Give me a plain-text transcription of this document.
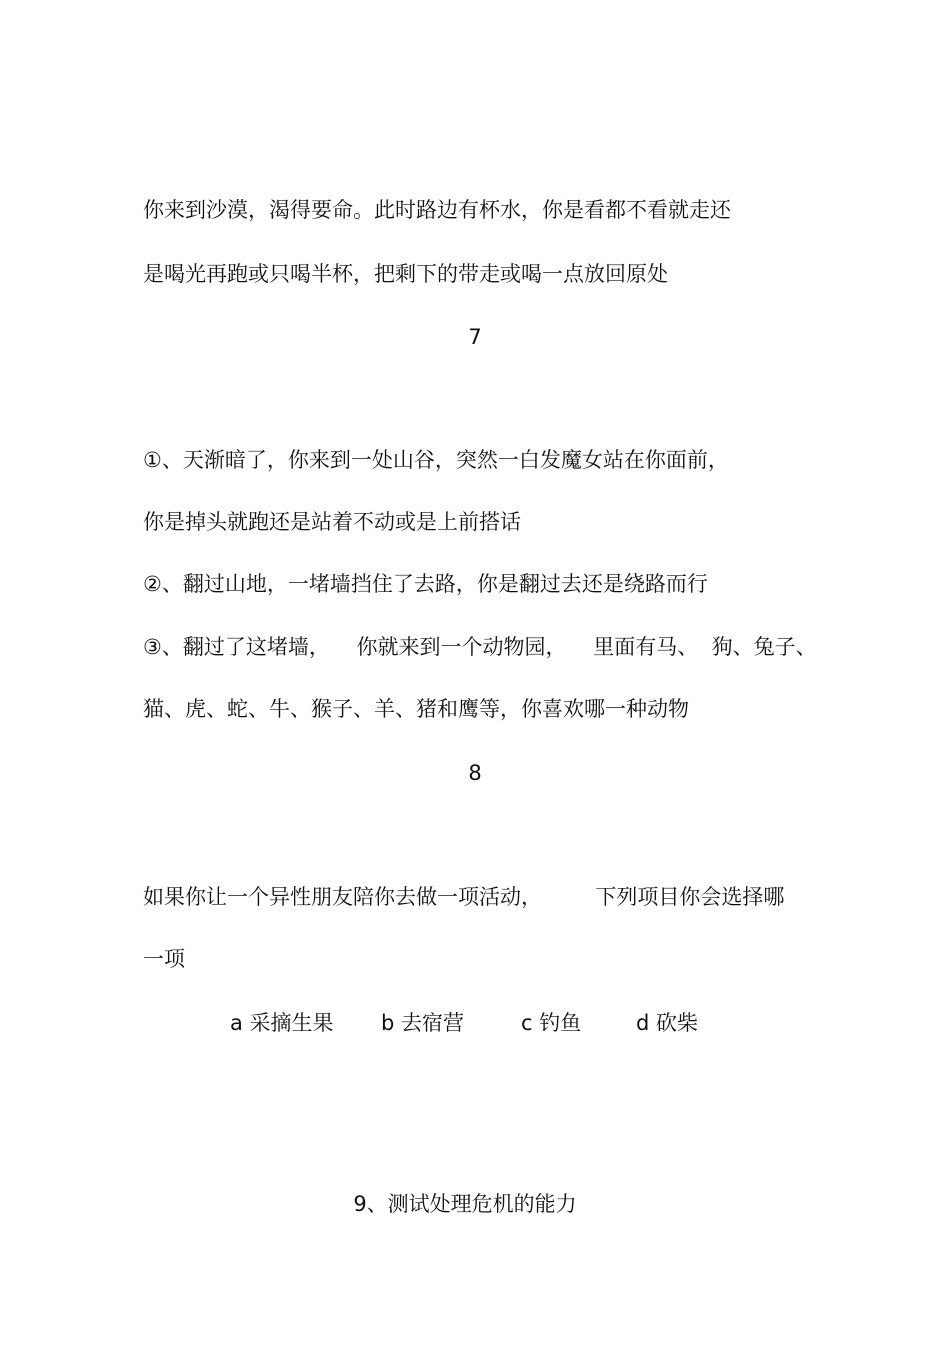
你来到沙漠，渴得要命。此时路边有杯水，你是看都不看就走还
是喝光再跑或只喝半杯，把剩下的带走或喝一点放回原处
7
①、天渐暗了，你来到一处山谷，突然一白发魔女站在你面前，
你是掉头就跑还是站着不动或是上前搭话
②、翻过山地，一堵墙挡住了去路，你是翻过去还是绕路而行
③、翻过了这堵墙，    你就来到一个动物园，    里面有马、  狗、兔子、
猫、虎、蛇、牛、猴子、羊、猪和鹰等，你喜欢哪一种动物
8
如果你让一个异性朋友陪你去做一项活动，        下列项目你会选择哪
一项
a 采摘生果 b 去宿营	c 钓鱼	d 砍柴
9、测试处理危机的能力
